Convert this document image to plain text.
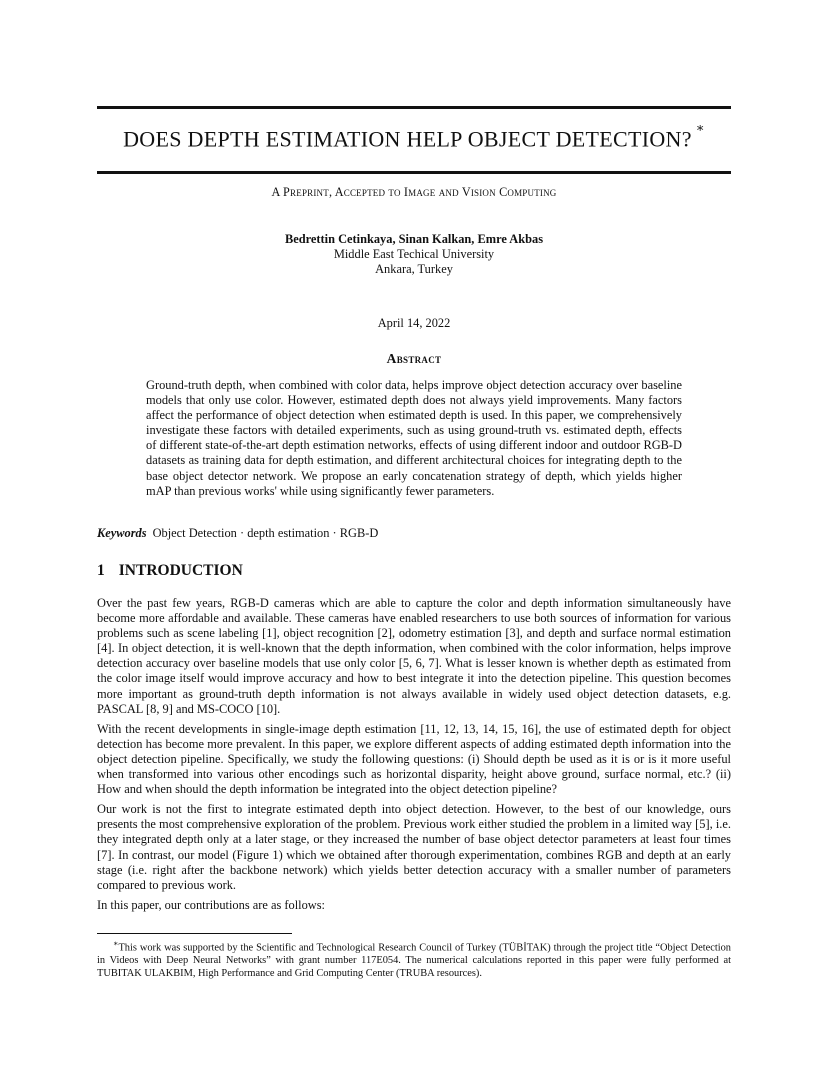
DOES DEPTH ESTIMATION HELP OBJECT DETECTION? ∗
A Preprint, Accepted to Image and Vision Computing
Bedrettin Cetinkaya, Sinan Kalkan, Emre Akbas
Middle East Techical University
Ankara, Turkey
April 14, 2022
Abstract

Ground-truth depth, when combined with color data, helps improve object detection accuracy over baseline models that only use color. However, estimated depth does not always yield improvements. Many factors affect the performance of object detection when estimated depth is used. In this paper, we comprehensively investigate these factors with detailed experiments, such as using ground-truth vs. estimated depth, effects of different state-of-the-art depth estimation networks, effects of using different indoor and outdoor RGB-D datasets as training data for depth estimation, and different architectural choices for integrating depth to the base object detector network. We propose an early concatenation strategy of depth, which yields higher mAP than previous works' while using significantly fewer parameters.

Keywords Object Detection · depth estimation · RGB-D
1 INTRODUCTION

Over the past few years, RGB-D cameras which are able to capture the color and depth information simultaneously have become more affordable and available. These cameras have enabled researchers to use both sources of information for various problems such as scene labeling [1], object recognition [2], odometry estimation [3], and depth and surface normal estimation [4]. In object detection, it is well-known that the depth information, when combined with the color information, helps improve detection accuracy over baseline models that use only color [5, 6, 7]. What is lesser known is whether depth as estimated from the color image itself would improve accuracy and how to best integrate it into the detection pipeline. This question becomes more important as ground-truth depth information is not always available in widely used object detection datasets, e.g. PASCAL [8, 9] and MS-COCO [10].

With the recent developments in single-image depth estimation [11, 12, 13, 14, 15, 16], the use of estimated depth for object detection has become more prevalent. In this paper, we explore different aspects of adding estimated depth information into the object detection pipeline. Specifically, we study the following questions: (i) Should depth be used as it is or is it more useful when transformed into various other encodings such as horizontal disparity, height above ground, surface normal, etc.? (ii) How and when should the depth information be integrated into the object detection pipeline?

Our work is not the first to integrate estimated depth into object detection. However, to the best of our knowledge, ours presents the most comprehensive exploration of the problem. Previous work either studied the problem in a limited way [5], i.e. they integrated depth only at a later stage, or they increased the number of base object detector parameters at least four times [7]. In contrast, our model (Figure 1) which we obtained after thorough experimentation, combines RGB and depth at an early stage (i.e. right after the backbone network) which yields better detection accuracy with a smaller number of parameters compared to previous work.

In this paper, our contributions are as follows:

∗This work was supported by the Scientific and Technological Research Council of Turkey (TÜBİTAK) through the project title “Object Detection in Videos with Deep Neural Networks” with grant number 117E054. The numerical calculations reported in this paper were fully performed at TUBITAK ULAKBIM, High Performance and Grid Computing Center (TRUBA resources).
